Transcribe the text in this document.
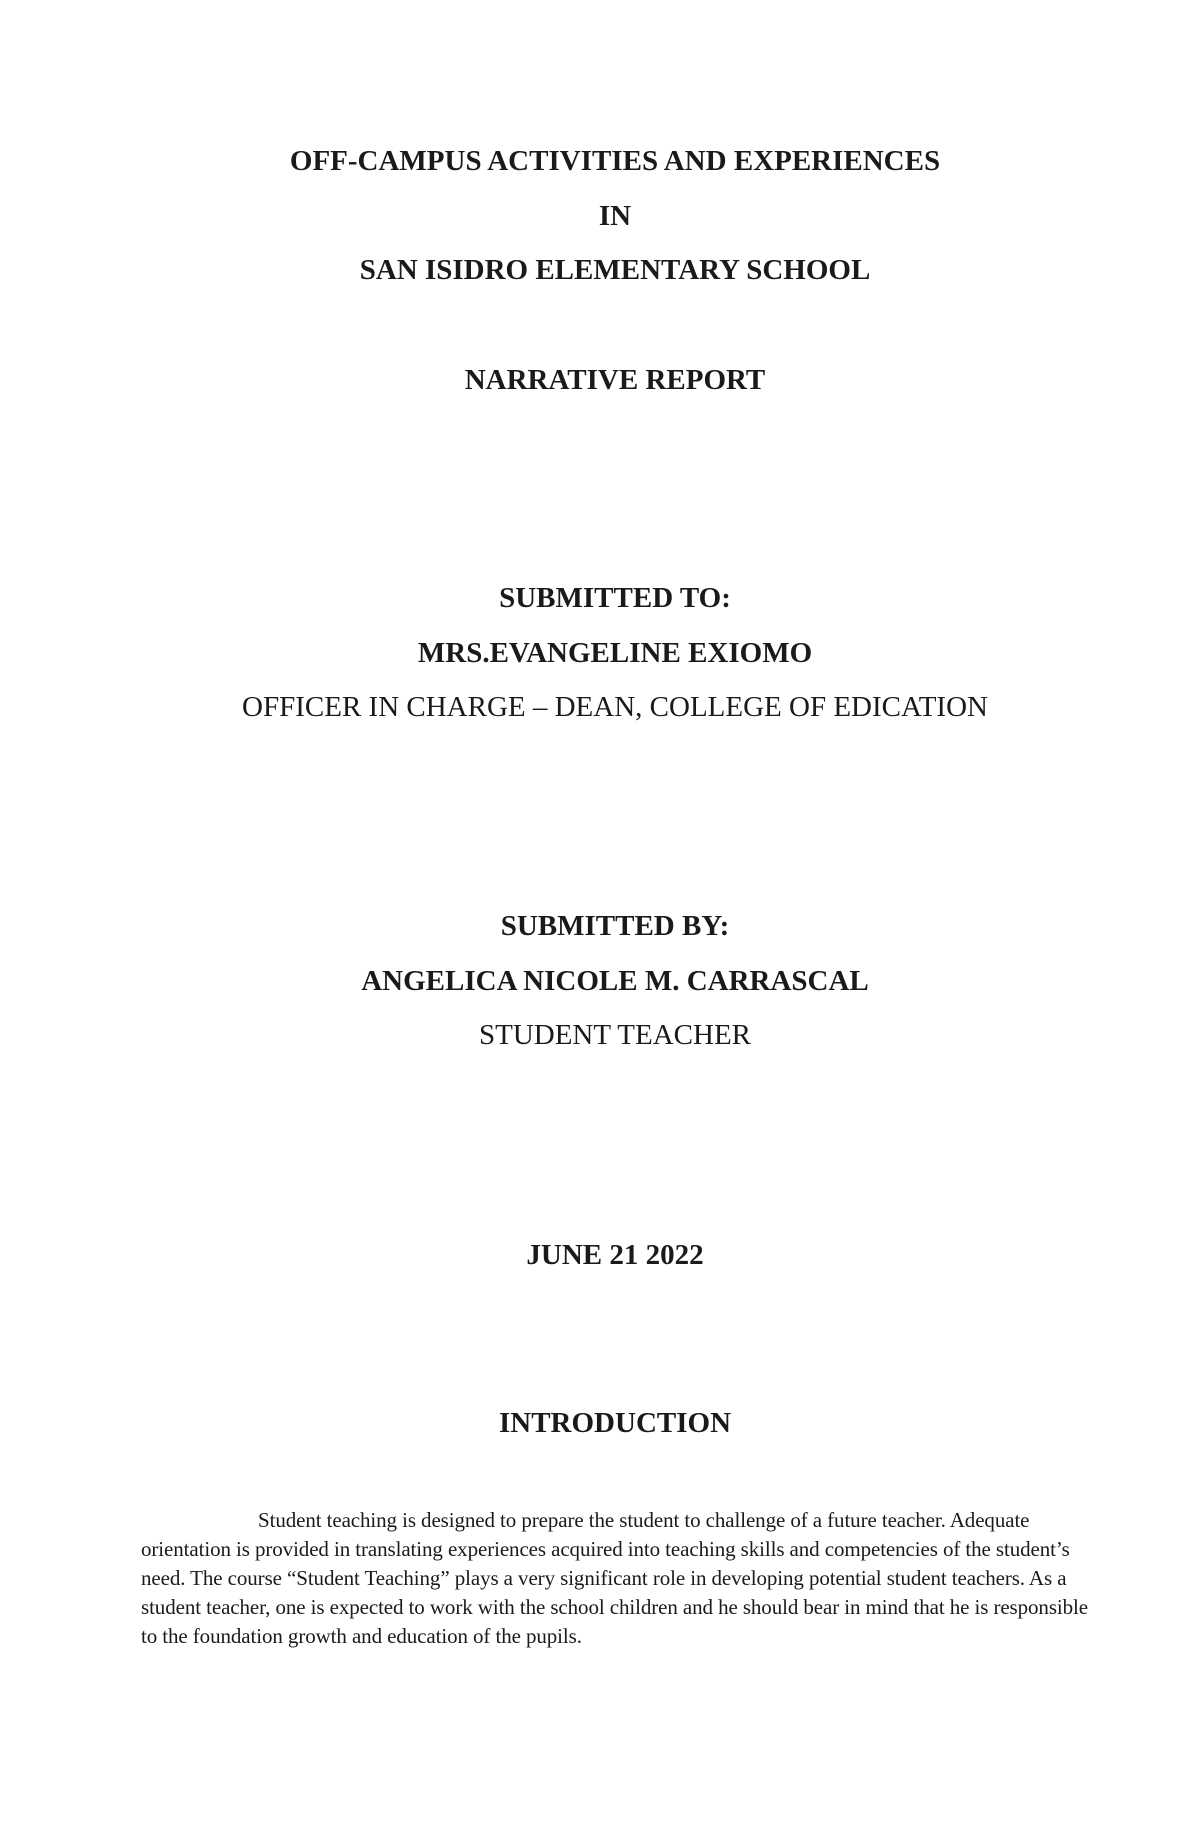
OFF-CAMPUS ACTIVITIES AND EXPERIENCES
IN
SAN ISIDRO ELEMENTARY SCHOOL
NARRATIVE REPORT
SUBMITTED TO:
MRS.EVANGELINE EXIOMO
OFFICER IN CHARGE – DEAN, COLLEGE OF EDICATION
SUBMITTED BY:
ANGELICA NICOLE M. CARRASCAL
STUDENT TEACHER
JUNE 21 2022
INTRODUCTION

Student teaching is designed to prepare the student to challenge of a future teacher. Adequate orientation is provided in translating experiences acquired into teaching skills and competencies of the student’s need. The course “Student Teaching” plays a very significant role in developing potential student teachers. As a student teacher, one is expected to work with the school children and he should bear in mind that he is responsible to the foundation growth and education of the pupils.
